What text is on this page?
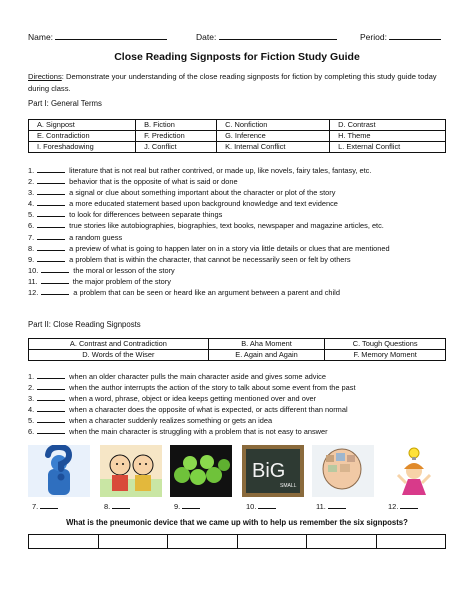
Name:	Date:	Period:
Close Reading Signposts for Fiction Study Guide
Directions: Demonstrate your understanding of the close reading signposts for fiction by completing this study guide today during class.
Part I: General Terms
A. Signpost	B. Fiction	C. Nonfiction	D. Contrast
E. Contradiction	F. Prediction	G. Inference	H. Theme
I. Foreshadowing	J. Conflict	K. Internal Conflict	L. External Conflict
1.	literature that is not real but rather contrived, or made up, like novels, fairy tales, fantasy, etc.
2.	behavior that is the opposite of what is said or done
3.	a signal or clue about something important about the character or plot of the story
4.	a more educated statement based upon background knowledge and text evidence
5.	to look for differences between separate things
6.	true stories like autobiographies, biographies, text books, newspaper and magazine articles, etc.
7.	a random guess
8.	a preview of what is going to happen later on in a story via little details or clues that are mentioned
9.	a problem that is within the character, that cannot be necessarily seen or felt by others
10.	the moral or lesson of the story
11.	the major problem of the story
12.	a problem that can be seen or heard like an argument between a parent and child
Part II: Close Reading Signposts
A. Contrast and Contradiction	B. Aha Moment	C. Tough Questions
D. Words of the Wiser	E. Again and Again	F. Memory Moment
1.	when an older character pulls the main character aside and gives some advice
2.	when the author interrupts the action of the story to talk about some event from the past
3.	when a word, phrase, object or idea keeps getting mentioned over and over
4.	when a character does the opposite of what is expected, or acts different than normal
5.	when a character suddenly realizes something or gets an idea
6.	when the main character is struggling with a problem that is not easy to answer
7.	8.	9.
BiG
SMALL
10.	11.	12.
What is the pneumonic device that we came up with to help us remember the six signposts?
